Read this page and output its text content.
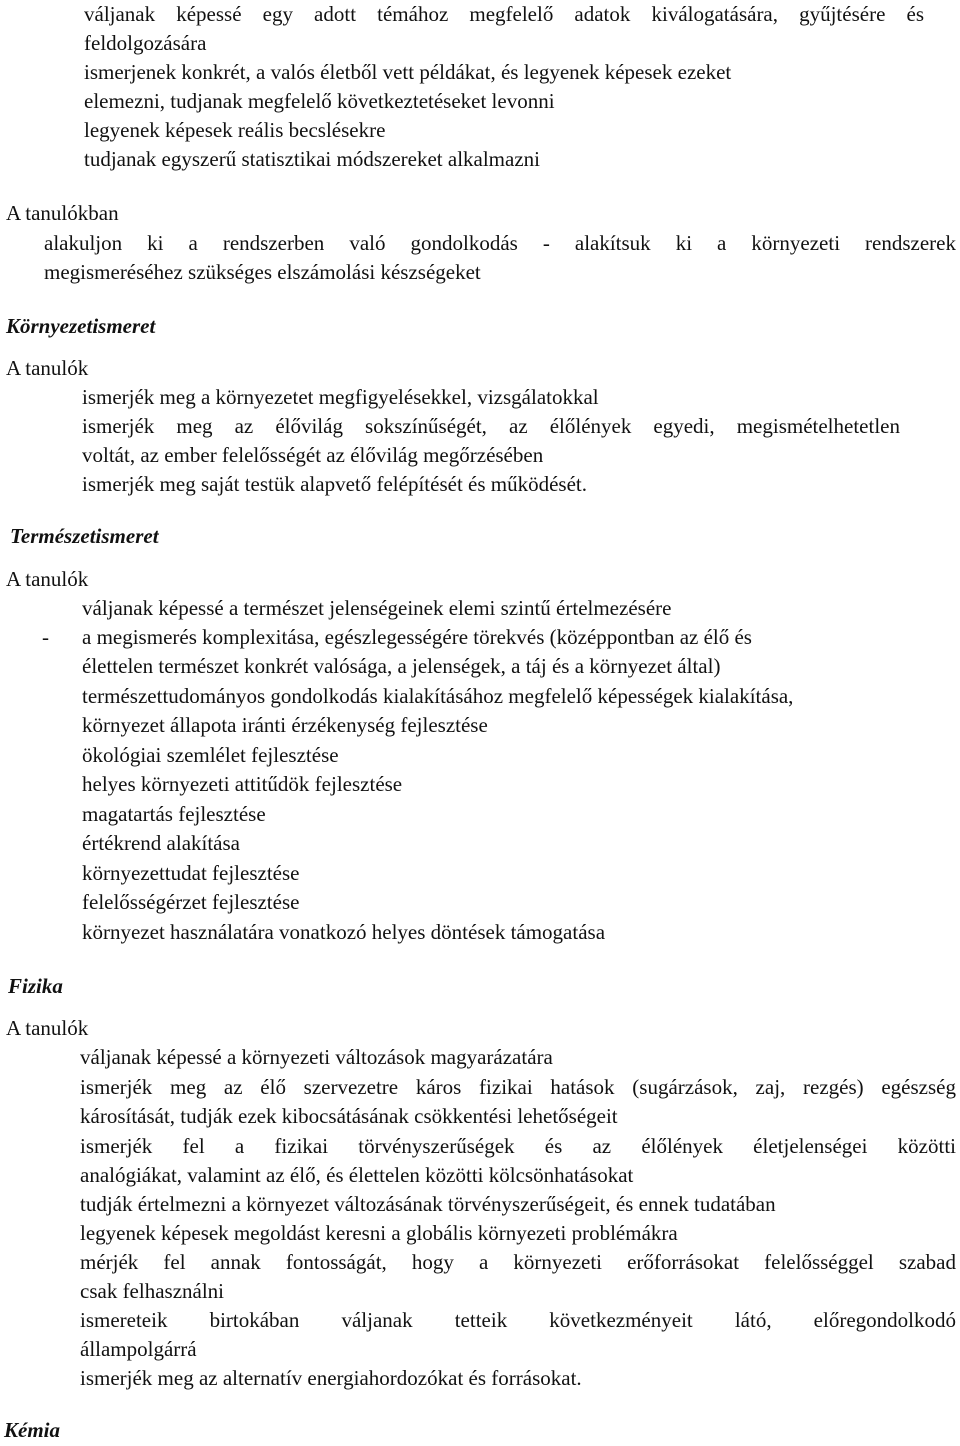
váljanak képessé egy adott témához megfelelő adatok kiválogatására, gyűjtésére és
feldolgozására
ismerjenek konkrét, a valós életből vett példákat, és legyenek képesek ezeket
elemezni, tudjanak megfelelő következtetéseket levonni
legyenek képesek reális becslésekre
tudjanak egyszerű statisztikai módszereket alkalmazni
A tanulókban
alakuljon ki a rendszerben való gondolkodás - alakítsuk ki a környezeti rendszerek
megismeréséhez szükséges elszámolási készségeket
Környezetismeret
A tanulók
ismerjék meg a környezetet megfigyelésekkel, vizsgálatokkal
ismerjék meg az élővilág sokszínűségét, az élőlények egyedi, megismételhetetlen
voltát, az ember felelősségét az élővilág megőrzésében
ismerjék meg saját testük alapvető felépítését és működését.
Természetismeret
A tanulók
váljanak képessé a természet jelenségeinek elemi szintű értelmezésére
- a megismerés komplexitása, egészlegességére törekvés (középpontban az élő és
élettelen természet konkrét valósága, a jelenségek, a táj és a környezet által)
természettudományos gondolkodás kialakításához megfelelő képességek kialakítása,
környezet állapota iránti érzékenység fejlesztése
ökológiai szemlélet fejlesztése
helyes környezeti attitűdök fejlesztése
magatartás fejlesztése
értékrend alakítása
környezettudat fejlesztése
felelősségérzet fejlesztése
környezet használatára vonatkozó helyes döntések támogatása
Fizika
A tanulók
váljanak képessé a környezeti változások magyarázatára
ismerjék meg az élő szervezetre káros fizikai hatások (sugárzások, zaj, rezgés) egészség
károsítását, tudják ezek kibocsátásának csökkentési lehetőségeit
ismerjék fel a fizikai törvényszerűségek és az élőlények életjelenségei közötti
analógiákat, valamint az élő, és élettelen közötti kölcsönhatásokat
tudják értelmezni a környezet változásának törvényszerűségeit, és ennek tudatában
legyenek képesek megoldást keresni a globális környezeti problémákra
mérjék fel annak fontosságát, hogy a környezeti erőforrásokat felelősséggel szabad
csak felhasználni
ismereteik birtokában váljanak tetteik következményeit látó, előregondolkodó
állampolgárrá
ismerjék meg az alternatív energiahordozókat és forrásokat.
Kémia
